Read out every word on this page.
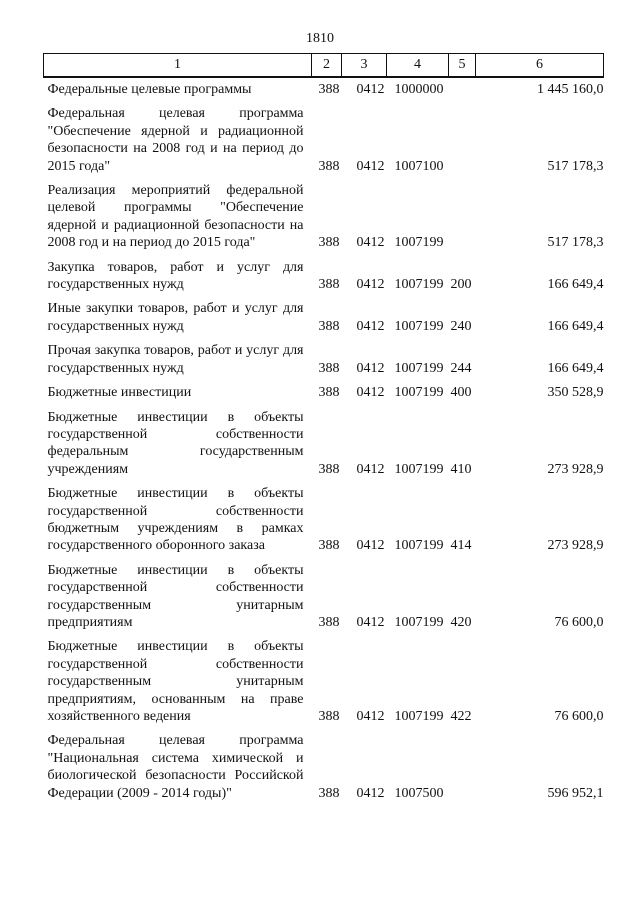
1810
1	2	3	4	5	6
Федеральные целевые программы	388	0412	1000000		1 445 160,0
Федеральная целевая программа "Обеспечение ядерной и радиационной безопасности на 2008 год и на период до 2015 года"	388	0412	1007100		517 178,3
Реализация мероприятий федеральной целевой программы "Обеспечение ядерной и радиационной безопасности на 2008 год и на период до 2015 года"	388	0412	1007199		517 178,3
Закупка товаров, работ и услуг для государственных нужд	388	0412	1007199	200	166 649,4
Иные закупки товаров, работ и услуг для государственных нужд	388	0412	1007199	240	166 649,4
Прочая закупка товаров, работ и услуг для государственных нужд	388	0412	1007199	244	166 649,4
Бюджетные инвестиции	388	0412	1007199	400	350 528,9
Бюджетные инвестиции в объекты государственной собственности федеральным государственным учреждениям	388	0412	1007199	410	273 928,9
Бюджетные инвестиции в объекты государственной собственности бюджетным учреждениям в рамках государственного оборонного заказа	388	0412	1007199	414	273 928,9
Бюджетные инвестиции в объекты государственной собственности государственным унитарным предприятиям	388	0412	1007199	420	76 600,0
Бюджетные инвестиции в объекты государственной собственности государственным унитарным предприятиям, основанным на праве хозяйственного ведения	388	0412	1007199	422	76 600,0
Федеральная целевая программа "Национальная система химической и биологической безопасности Российской Федерации (2009 - 2014 годы)"	388	0412	1007500		596 952,1
